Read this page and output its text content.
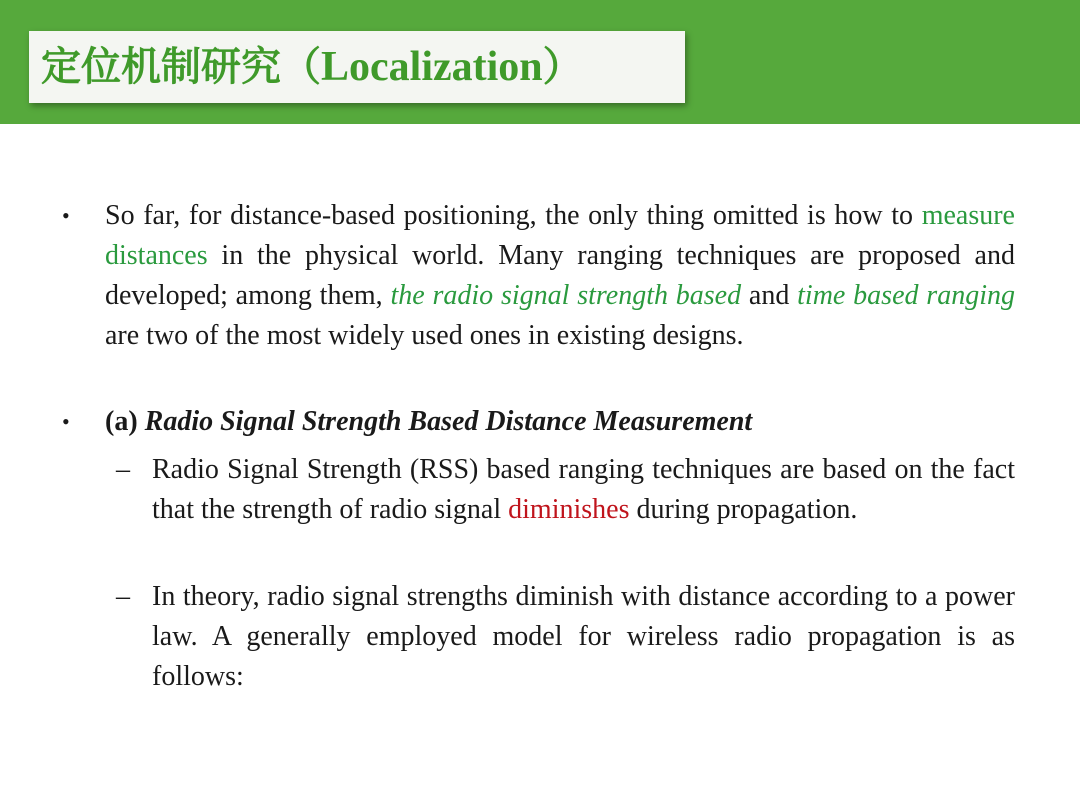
定位机制研究（Localization）
• So far, for distance-based positioning, the only thing omitted is how to measure distances in the physical world. Many ranging techniques are proposed and developed; among them, the radio signal strength based and time based ranging are two of the most widely used ones in existing designs.
• (a) Radio Signal Strength Based Distance Measurement
– Radio Signal Strength (RSS) based ranging techniques are based on the fact that the strength of radio signal diminishes during propagation.
– In theory, radio signal strengths diminish with distance according to a power law. A generally employed model for wireless radio propagation is as follows:
